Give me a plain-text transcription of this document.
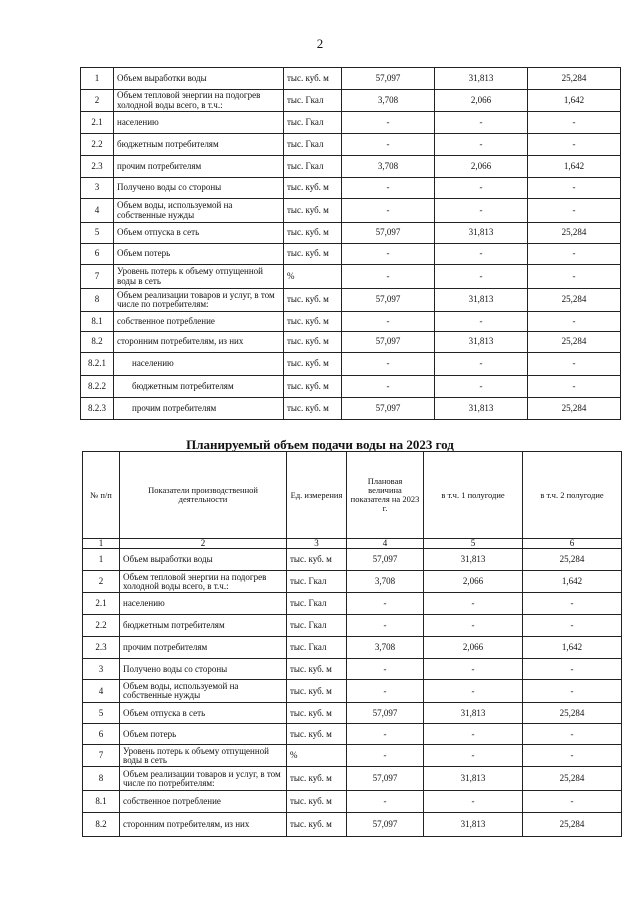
2
1	Объем выработки воды	тыс. куб. м	57,097	31,813	25,284
2	Объем тепловой энергии на подогрев холодной воды всего, в т.ч.:	тыс. Гкал	3,708	2,066	1,642
2.1	населению	тыс. Гкал	-	-	-
2.2	бюджетным потребителям	тыс. Гкал	-	-	-
2.3	прочим потребителям	тыс. Гкал	3,708	2,066	1,642
3	Получено воды со стороны	тыс. куб. м	-	-	-
4	Объем воды, используемой на собственные нужды	тыс. куб. м	-	-	-
5	Объем отпуска в сеть	тыс. куб. м	57,097	31,813	25,284
6	Объем потерь	тыс. куб. м	-	-	-
7	Уровень потерь к объему отпущенной воды в сеть	%	-	-	-
8	Объем реализации товаров и услуг, в том числе по потребителям:	тыс. куб. м	57,097	31,813	25,284
8.1	собственное потребление	тыс. куб. м	-	-	-
8.2	сторонним потребителям, из них	тыс. куб. м	57,097	31,813	25,284
8.2.1	населению	тыс. куб. м	-	-	-
8.2.2	бюджетным потребителям	тыс. куб. м	-	-	-
8.2.3	прочим потребителям	тыс. куб. м	57,097	31,813	25,284
Планируемый объем подачи воды на 2023 год
№ п/п	Показатели производственной деятельности	Ед. измерения	Плановая величина показателя на 2023 г.	в т.ч. 1 полугодие	в т.ч. 2 полугодие
1	2	3	4	5	6
1	Объем выработки воды	тыс. куб. м	57,097	31,813	25,284
2	Объем тепловой энергии на подогрев холодной воды всего, в т.ч.:	тыс. Гкал	3,708	2,066	1,642
2.1	населению	тыс. Гкал	-	-	-
2.2	бюджетным потребителям	тыс. Гкал	-	-	-
2.3	прочим потребителям	тыс. Гкал	3,708	2,066	1,642
3	Получено воды со стороны	тыс. куб. м	-	-	-
4	Объем воды, используемой на собственные нужды	тыс. куб. м	-	-	-
5	Объем отпуска в сеть	тыс. куб. м	57,097	31,813	25,284
6	Объем потерь	тыс. куб. м	-	-	-
7	Уровень потерь к объему отпущенной воды в сеть	%	-	-	-
8	Объем реализации товаров и услуг, в том числе по потребителям:	тыс. куб. м	57,097	31,813	25,284
8.1	собственное потребление	тыс. куб. м	-	-	-
8.2	сторонним потребителям, из них	тыс. куб. м	57,097	31,813	25,284
